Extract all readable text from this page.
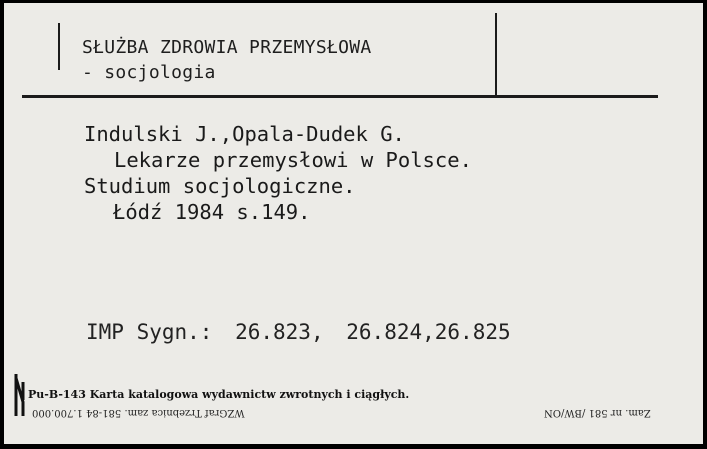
SŁUŻBA ZDROWIA PRZEMYSŁOWA
- socjologia
Indulski J.,Opala-Dudek G.
Lekarze przemysłowi w Polsce.
Studium socjologiczne.
Łódź 1984 s.149.
IMP Sygn.: 26.823, 26.824,26.825
Pu-B-143 Karta katalogowa wydawnictw zwrotnych i ciągłych.
WZGraf Trzebnica zam. 581-84 1.700.000	Zam. nr 581 /BW/ON
